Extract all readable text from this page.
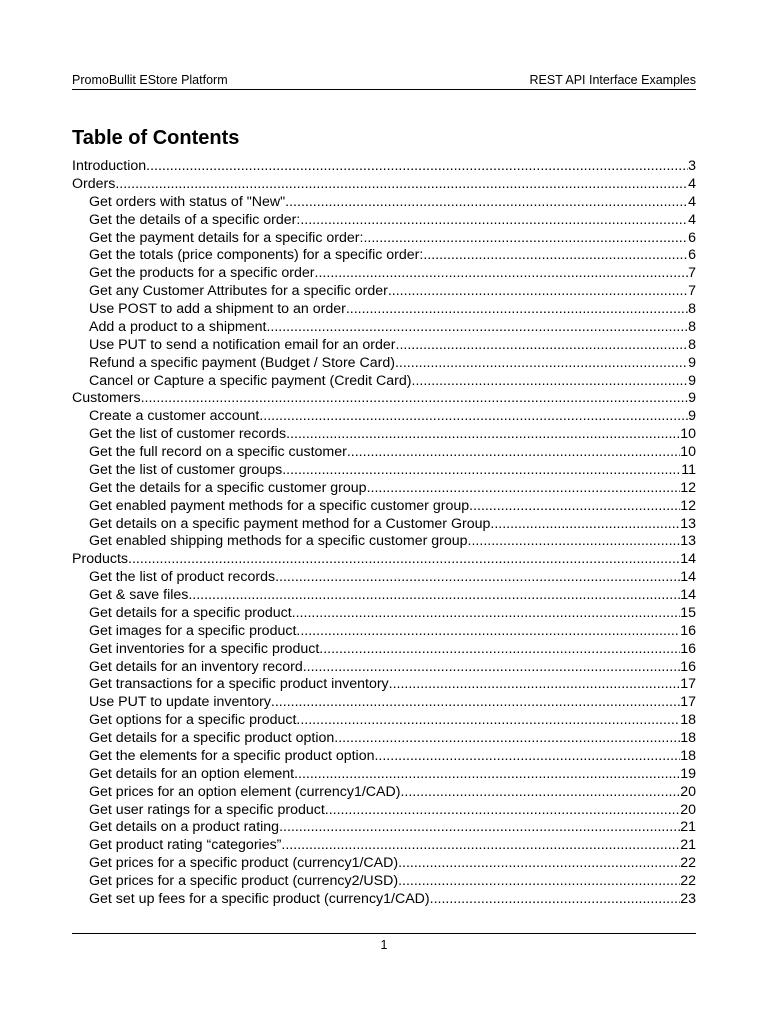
PromoBullit EStore Platform	REST API Interface Examples
Table of Contents
Introduction .....	3
Orders .....	4
Get orders with status of "New" .....	4
Get the details of a specific order: .....	4
Get the payment details for a specific order: .....	6
Get the totals (price components) for a specific order: .....	6
Get the products for a specific order .....	7
Get any Customer Attributes for a specific order .....	7
Use POST to add a shipment to an order .....	8
Add a product to a shipment .....	8
Use PUT to send a notification email for an order .....	8
Refund a specific payment (Budget / Store Card) .....	9
Cancel or Capture a specific payment (Credit Card) .....	9
Customers .....	9
Create a customer account .....	9
Get the list of customer records .....	10
Get the full record on a specific customer .....	10
Get the list of customer groups .....	11
Get the details for a specific customer group .....	12
Get enabled payment methods for a specific customer group .....	12
Get details on a specific payment method for a Customer Group .....	13
Get enabled shipping methods for a specific customer group .....	13
Products .....	14
Get the list of product records .....	14
Get & save files .....	14
Get details for a specific product .....	15
Get images for a specific product .....	16
Get inventories for a specific product .....	16
Get details for an inventory record .....	16
Get transactions for a specific product inventory .....	17
Use PUT to update inventory .....	17
Get options for a specific product .....	18
Get details for a specific product option .....	18
Get the elements for a specific product option .....	18
Get details for an option element .....	19
Get prices for an option element (currency1/CAD) .....	20
Get user ratings for a specific product .....	20
Get details on a product rating .....	21
Get product rating “categories” .....	21
Get prices for a specific product (currency1/CAD) .....	22
Get prices for a specific product (currency2/USD) .....	22
Get set up fees for a specific product (currency1/CAD) .....	23
1
